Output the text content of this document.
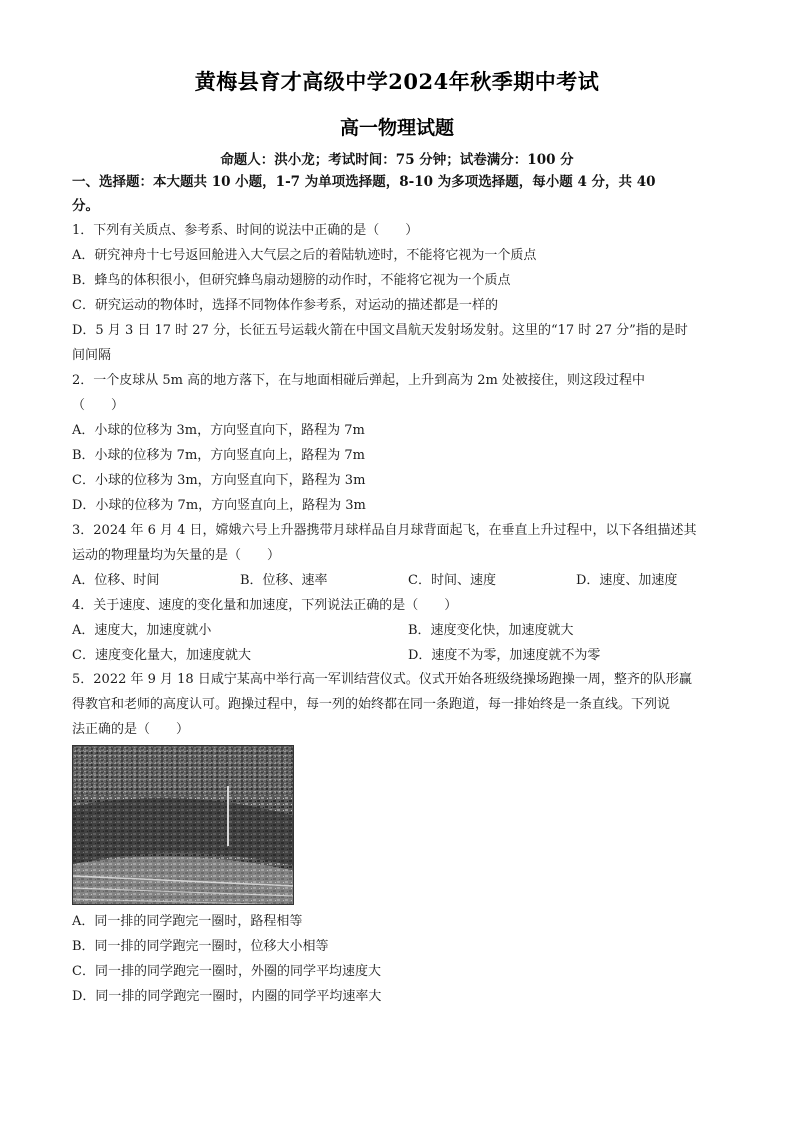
黄梅县育才高级中学2024年秋季期中考试
高一物理试题
命题人：洪小龙；考试时间：75 分钟；试卷满分：100 分
一、选择题：本大题共 10 小题，1-7 为单项选择题，8-10 为多项选择题，每小题 4 分，共 40
分。
1．下列有关质点、参考系、时间的说法中正确的是（　　）
A．研究神舟十七号返回舱进入大气层之后的着陆轨迹时，不能将它视为一个质点
B．蜂鸟的体积很小，但研究蜂鸟扇动翅膀的动作时，不能将它视为一个质点
C．研究运动的物体时，选择不同物体作参考系，对运动的描述都是一样的
D．5 月 3 日 17 时 27 分，长征五号运载火箭在中国文昌航天发射场发射。这里的“17 时 27 分”指的是时
间间隔
2．一个皮球从 5m 高的地方落下，在与地面相碰后弹起，上升到高为 2m 处被接住，则这段过程中
（　　）
A．小球的位移为 3m，方向竖直向下，路程为 7m
B．小球的位移为 7m，方向竖直向上，路程为 7m
C．小球的位移为 3m，方向竖直向下，路程为 3m
D．小球的位移为 7m，方向竖直向上，路程为 3m
3．2024 年 6 月 4 日，嫦娥六号上升器携带月球样品自月球背面起飞，在垂直上升过程中，以下各组描述其
运动的物理量均为矢量的是（　　）
A．位移、时间	B．位移、速率	C．时间、速度	D．速度、加速度
4．关于速度、速度的变化量和加速度，下列说法正确的是（　　）
A．速度大，加速度就小	B．速度变化快，加速度就大
C．速度变化量大，加速度就大	D．速度不为零，加速度就不为零
5．2022 年 9 月 18 日咸宁某高中举行高一军训结营仪式。仪式开始各班级绕操场跑操一周，整齐的队形赢
得教官和老师的高度认可。跑操过程中，每一列的始终都在同一条跑道，每一排始终是一条直线。下列说
法正确的是（　　）
A．同一排的同学跑完一圈时，路程相等
B．同一排的同学跑完一圈时，位移大小相等
C．同一排的同学跑完一圈时，外圈的同学平均速度大
D．同一排的同学跑完一圈时，内圈的同学平均速率大
